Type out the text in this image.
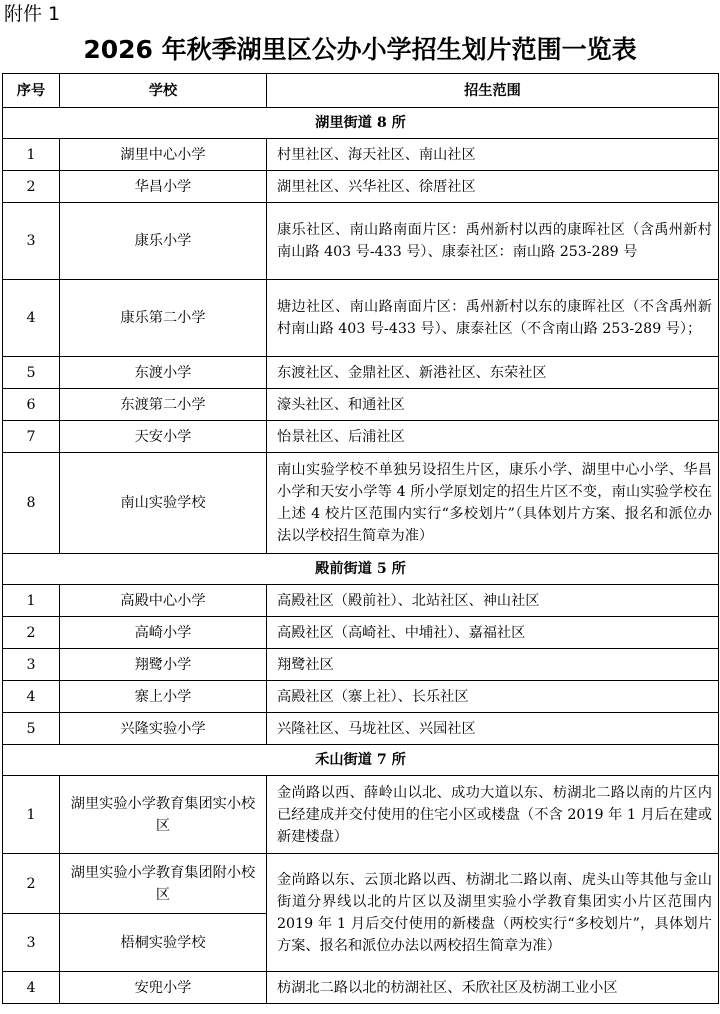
附件 1
2026 年秋季湖里区公办小学招生划片范围一览表
序号	学校	招生范围
湖里街道 8 所		
1	湖里中心小学	村里社区、海天社区、南山社区
2	华昌小学	湖里社区、兴华社区、徐厝社区
3	康乐小学	康乐社区、南山路南面片区：禹州新村以西的康晖社区（含禹州新村南山路 403 号-433 号）、康泰社区：南山路 253-289 号
4	康乐第二小学	塘边社区、南山路南面片区：禹州新村以东的康晖社区（不含禹州新村南山路 403 号-433 号）、康泰社区（不含南山路 253-289 号）；
5	东渡小学	东渡社区、金鼎社区、新港社区、东荣社区
6	东渡第二小学	濠头社区、和通社区
7	天安小学	怡景社区、后浦社区
8	南山实验学校	南山实验学校不单独另设招生片区，康乐小学、湖里中心小学、华昌小学和天安小学等 4 所小学原划定的招生片区不变，南山实验学校在上述 4 校片区范围内实行“多校划片”（具体划片方案、报名和派位办法以学校招生简章为准）
殿前街道 5 所		
1	高殿中心小学	高殿社区（殿前社）、北站社区、神山社区
2	高崎小学	高殿社区（高崎社、中埔社）、嘉福社区
3	翔鹭小学	翔鹭社区
4	寨上小学	高殿社区（寨上社）、长乐社区
5	兴隆实验小学	兴隆社区、马垅社区、兴园社区
禾山街道 7 所		
1	湖里实验小学教育集团实小校区	金尚路以西、薛岭山以北、成功大道以东、枋湖北二路以南的片区内已经建成并交付使用的住宅小区或楼盘（不含 2019 年 1 月后在建或新建楼盘）
2	湖里实验小学教育集团附小校区	金尚路以东、云顶北路以西、枋湖北二路以南、虎头山等其他与金山街道分界线以北的片区以及湖里实验小学教育集团实小片区范围内 2019 年 1 月后交付使用的新楼盘（两校实行“多校划片”，具体划片方案、报名和派位办法以两校招生简章为准）
3	梧桐实验学校	
4	安兜小学	枋湖北二路以北的枋湖社区、禾欣社区及枋湖工业小区
